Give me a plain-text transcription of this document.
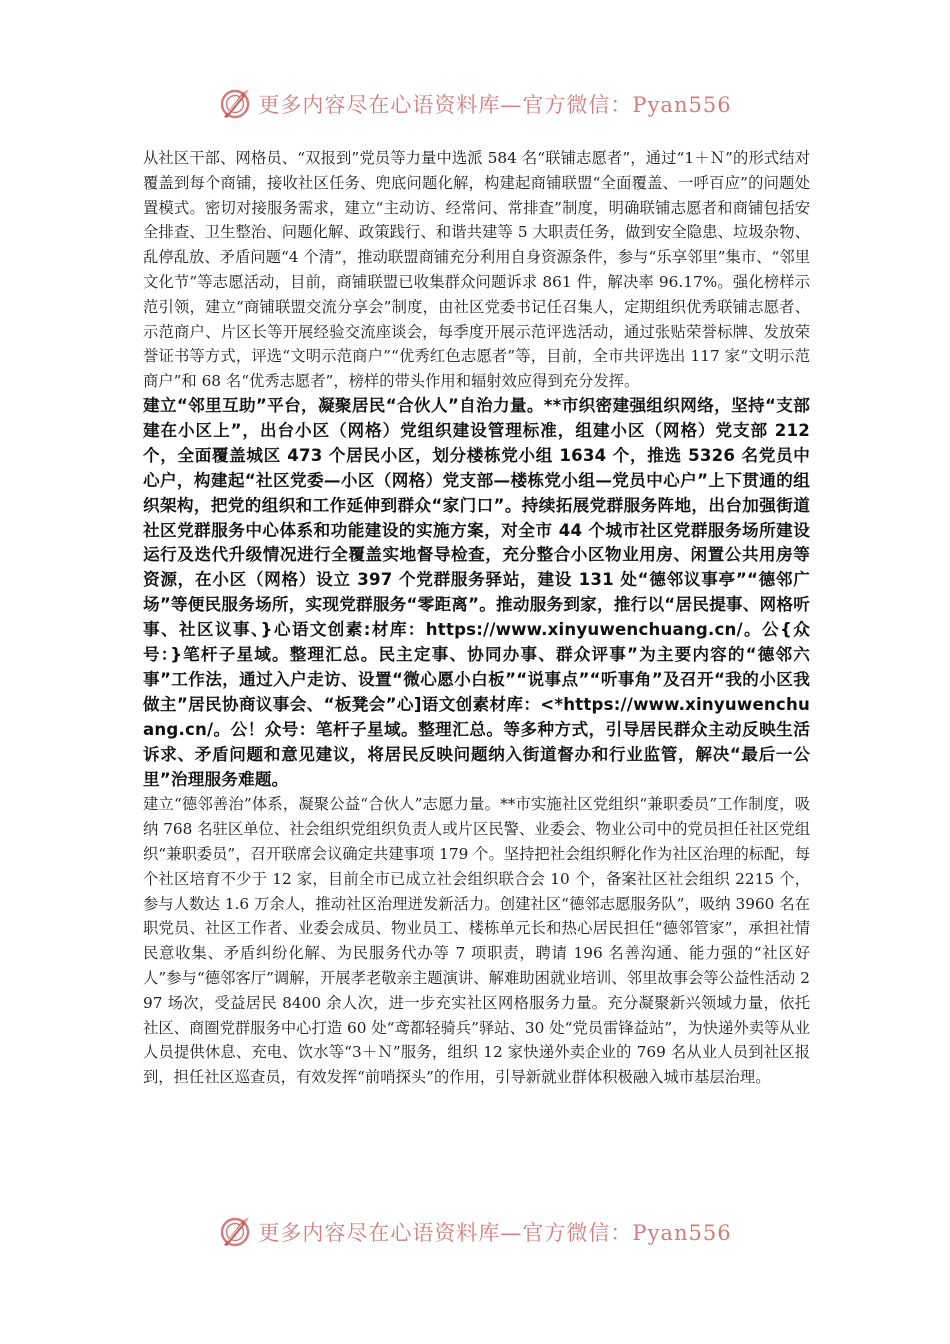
更多内容尽在心语资料库—官方微信：Pyan556

从社区干部、网格员、“双报到”党员等力量中选派 584 名“联铺志愿者”，通过“1＋Ｎ”的形式结对覆盖到每个商铺，接收社区任务、兜底问题化解，构建起商铺联盟“全面覆盖、一呼百应”的问题处置模式。密切对接服务需求，建立“主动访、经常问、常排查”制度，明确联铺志愿者和商铺包括安全排查、卫生整治、问题化解、政策践行、和谐共建等 5 大职责任务，做到安全隐患、垃圾杂物、乱停乱放、矛盾问题“4 个清”，推动联盟商铺充分利用自身资源条件，参与“乐享邻里”集市、“邻里文化节”等志愿活动，目前，商铺联盟已收集群众问题诉求 861 件，解决率 96.17%。强化榜样示范引领，建立“商铺联盟交流分享会”制度，由社区党委书记任召集人，定期组织优秀联铺志愿者、示范商户、片区长等开展经验交流座谈会，每季度开展示范评选活动，通过张贴荣誉标牌、发放荣誉证书等方式，评选“文明示范商户”“优秀红色志愿者”等，目前，全市共评选出 117 家“文明示范商户”和 68 名“优秀志愿者”，榜样的带头作用和辐射效应得到充分发挥。

建立“邻里互助”平台，凝聚居民“合伙人”自治力量。**市织密建强组织网络，坚持“支部建在小区上”，出台小区（网格）党组织建设管理标准，组建小区（网格）党支部 212 个，全面覆盖城区 473 个居民小区，划分楼栋党小组 1634 个，推选 5326 名党员中心户，构建起“社区党委—小区（网格）党支部—楼栋党小组—党员中心户”上下贯通的组织架构，把党的组织和工作延伸到群众“家门口”。持续拓展党群服务阵地，出台加强街道社区党群服务中心体系和功能建设的实施方案，对全市 44 个城市社区党群服务场所建设运行及迭代升级情况进行全覆盖实地督导检查，充分整合小区物业用房、闲置公共用房等资源，在小区（网格）设立 397 个党群服务驿站，建设 131 处“德邻议事亭”“德邻广场”等便民服务场所，实现党群服务“零距离”。推动服务到家，推行以“居民提事、网格听事、社区议事、}心语文创素:材库：https://www.xinyuwenchuang.cn/。公{众号：}笔杆子星域。整理汇总。民主定事、协同办事、群众评事”为主要内容的“德邻六事”工作法，通过入户走访、设置“微心愿小白板”“说事点”“听事角”及召开“我的小区我做主”居民协商议事会、“板凳会”心]语文创素材库：<*https://www.xinyuwenchuang.cn/。公！众号：笔杆子星域。整理汇总。等多种方式，引导居民群众主动反映生活诉求、矛盾问题和意见建议，将居民反映问题纳入街道督办和行业监管，解决“最后一公里”治理服务难题。

建立“德邻善治”体系，凝聚公益“合伙人”志愿力量。**市实施社区党组织“兼职委员”工作制度，吸纳 768 名驻区单位、社会组织党组织负责人或片区民警、业委会、物业公司中的党员担任社区党组织“兼职委员”，召开联席会议确定共建事项 179 个。坚持把社会组织孵化作为社区治理的标配，每个社区培育不少于 12 家，目前全市已成立社会组织联合会 10 个，备案社区社会组织 2215 个，参与人数达 1.6 万余人，推动社区治理迸发新活力。创建社区“德邻志愿服务队”，吸纳 3960 名在职党员、社区工作者、业委会成员、物业员工、楼栋单元长和热心居民担任“德邻管家”，承担社情民意收集、矛盾纠纷化解、为民服务代办等 7 项职责，聘请 196 名善沟通、能力强的“社区好人”参与“德邻客厅”调解，开展孝老敬亲主题演讲、解难助困就业培训、邻里故事会等公益性活动 297 场次，受益居民 8400 余人次，进一步充实社区网格服务力量。充分凝聚新兴领域力量，依托社区、商圈党群服务中心打造 60 处“鸢都轻骑兵”驿站、30 处“党员雷锋益站”，为快递外卖等从业人员提供休息、充电、饮水等“3＋Ｎ”服务，组织 12 家快递外卖企业的 769 名从业人员到社区报到，担任社区巡查员，有效发挥“前哨探头”的作用，引导新就业群体积极融入城市基层治理。

更多内容尽在心语资料库—官方微信：Pyan556
